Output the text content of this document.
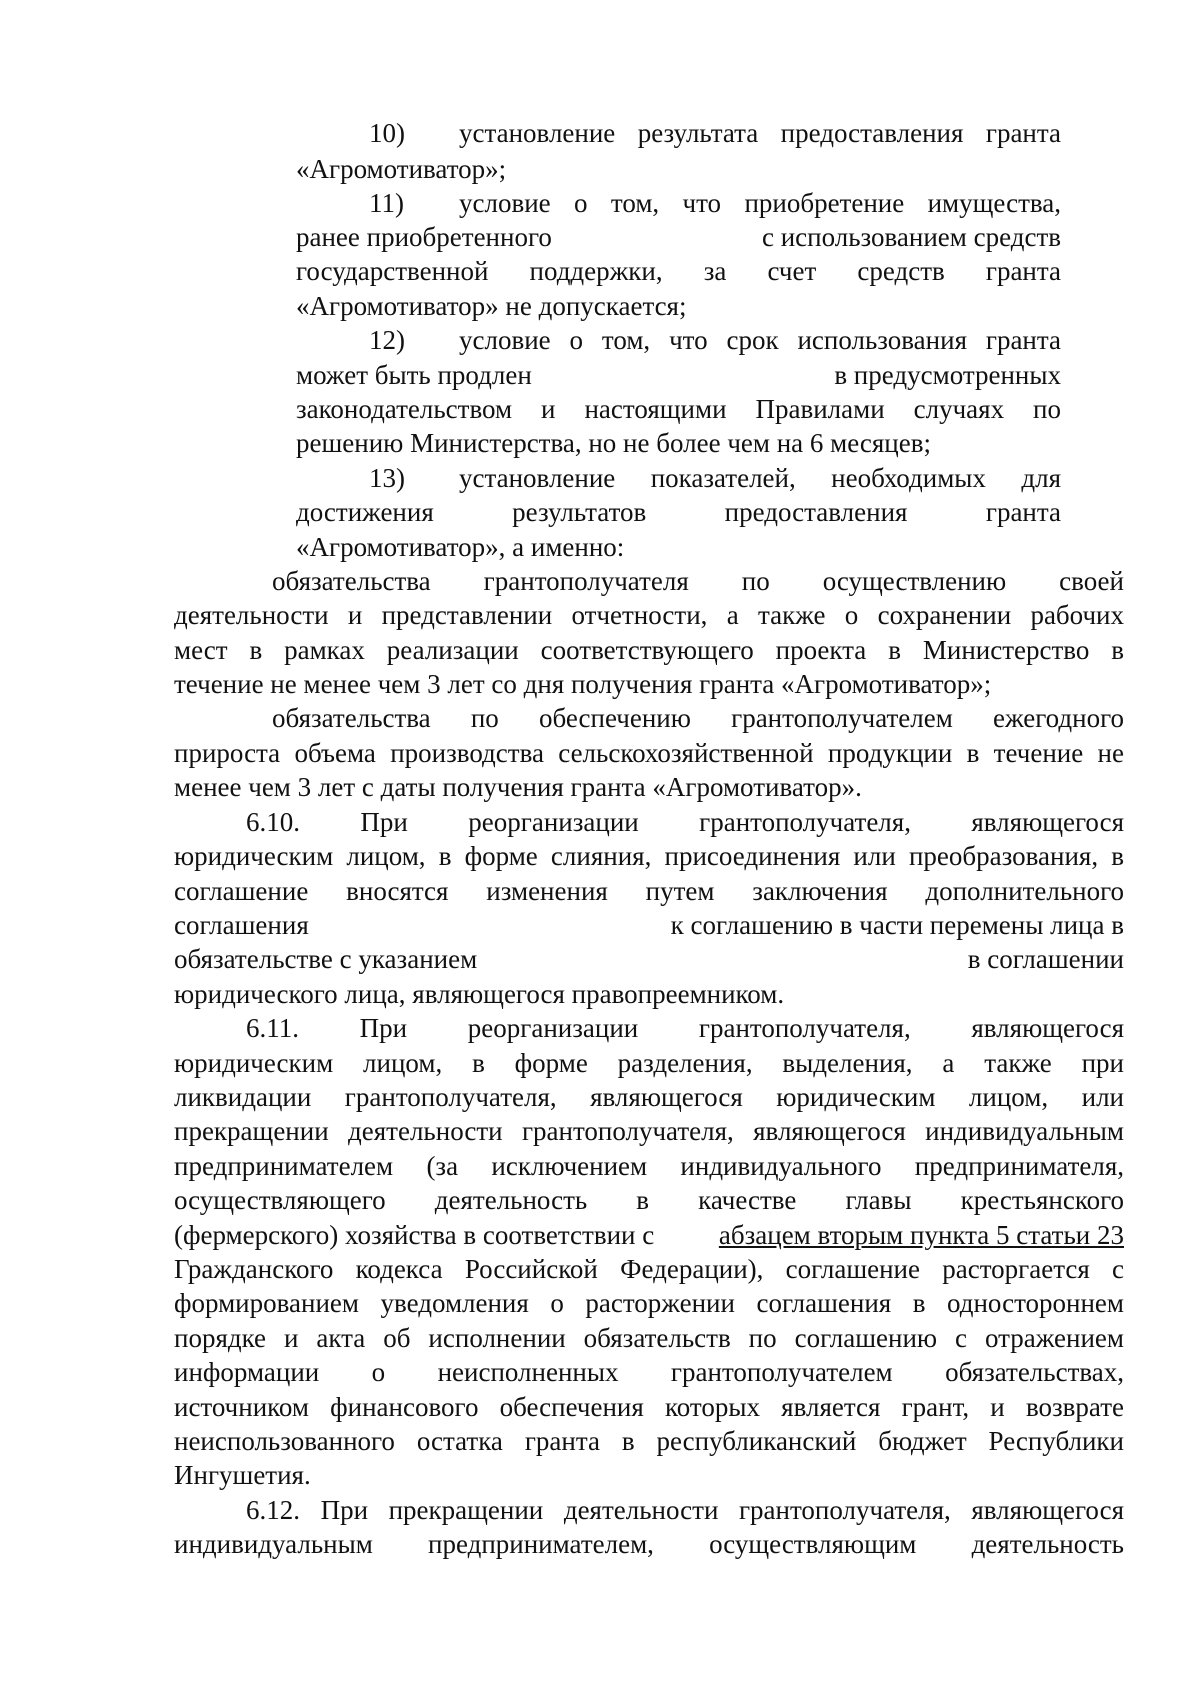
10) установление результата предоставления гранта
«Агромотиватор»;
11) условие о том, что приобретение имущества,
ранее приобретенного	с использованием средств
государственной поддержки, за счет средств гранта
«Агромотиватор» не допускается;
12) условие о том, что срок использования гранта
может быть продлен	в предусмотренных
законодательством и настоящими Правилами случаях по
решению Министерства, но не более чем на 6 месяцев;
13) установление показателей, необходимых для
достижения результатов предоставления гранта
«Агромотиватор», а именно:
обязательства грантополучателя по осуществлению своей
деятельности и представлении отчетности, а также о сохранении рабочих
мест в рамках реализации соответствующего проекта в Министерство в
течение не менее чем 3 лет со дня получения гранта «Агромотиватор»;
обязательства по обеспечению грантополучателем ежегодного
прироста объема производства сельскохозяйственной продукции в течение не
менее чем 3 лет с даты получения гранта «Агромотиватор».
6.10. При реорганизации грантополучателя, являющегося
юридическим лицом, в форме слияния, присоединения или преобразования, в
соглашение вносятся изменения путем заключения дополнительного
соглашения	к соглашению в части перемены лица в
обязательстве с указанием	в соглашении
юридического лица, являющегося правопреемником.
6.11. При реорганизации грантополучателя, являющегося
юридическим лицом, в форме разделения, выделения, а также при
ликвидации грантополучателя, являющегося юридическим лицом, или
прекращении деятельности грантополучателя, являющегося индивидуальным
предпринимателем (за исключением индивидуального предпринимателя,
осуществляющего деятельность в качестве главы крестьянского
(фермерского) хозяйства в соответствии с абзацем вторым пункта 5 статьи 23
Гражданского кодекса Российской Федерации), соглашение расторгается с
формированием уведомления о расторжении соглашения в одностороннем
порядке и акта об исполнении обязательств по соглашению с отражением
информации о неисполненных грантополучателем обязательствах,
источником финансового обеспечения которых является грант, и возврате
неиспользованного остатка гранта в республиканский бюджет Республики
Ингушетия.
6.12. При прекращении деятельности грантополучателя, являющегося
индивидуальным предпринимателем, осуществляющим деятельность
